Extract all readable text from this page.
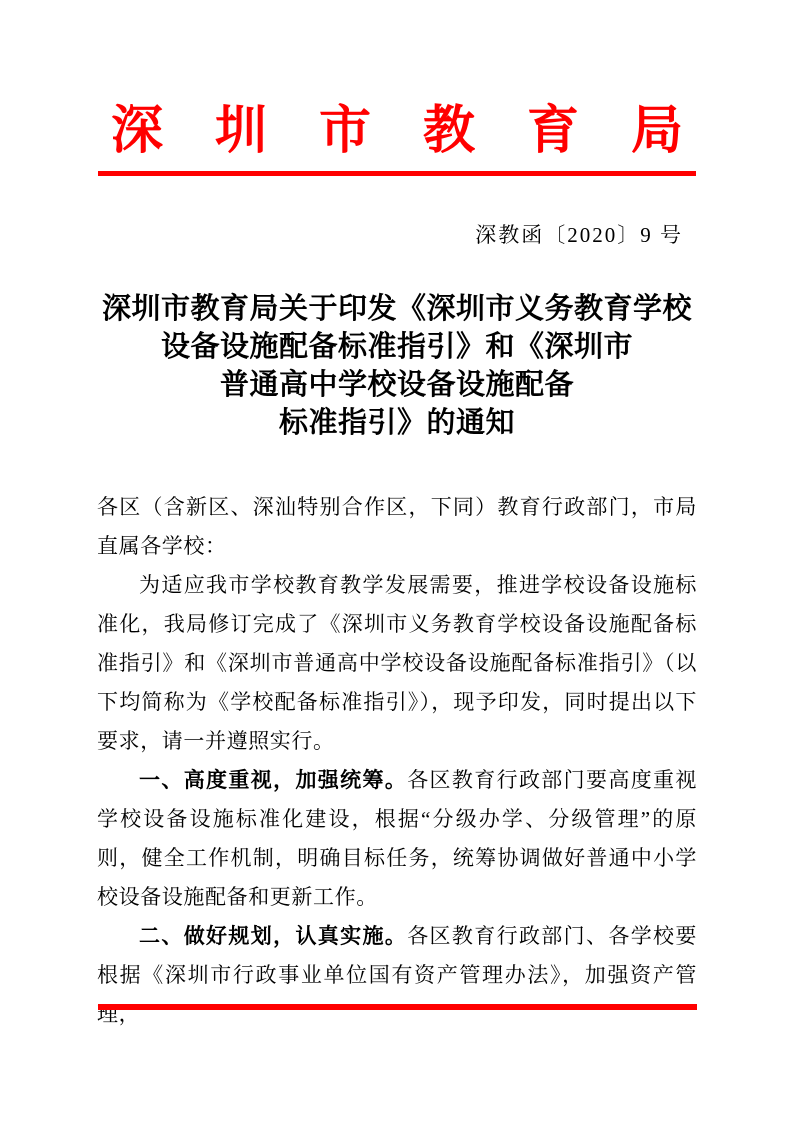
深　圳　市　教　育　局
深教函〔2020〕9 号
深圳市教育局关于印发《深圳市义务教育学校
设备设施配备标准指引》和《深圳市
普通高中学校设备设施配备
标准指引》的通知

各区（含新区、深汕特别合作区，下同）教育行政部门，市局直属各学校：

为适应我市学校教育教学发展需要，推进学校设备设施标准化，我局修订完成了《深圳市义务教育学校设备设施配备标准指引》和《深圳市普通高中学校设备设施配备标准指引》（以下均简称为《学校配备标准指引》），现予印发，同时提出以下要求，请一并遵照实行。

一、高度重视，加强统筹。各区教育行政部门要高度重视学校设备设施标准化建设，根据“分级办学、分级管理”的原则，健全工作机制，明确目标任务，统筹协调做好普通中小学校设备设施配备和更新工作。

二、做好规划，认真实施。各区教育行政部门、各学校要根据《深圳市行政事业单位国有资产管理办法》，加强资产管理，
